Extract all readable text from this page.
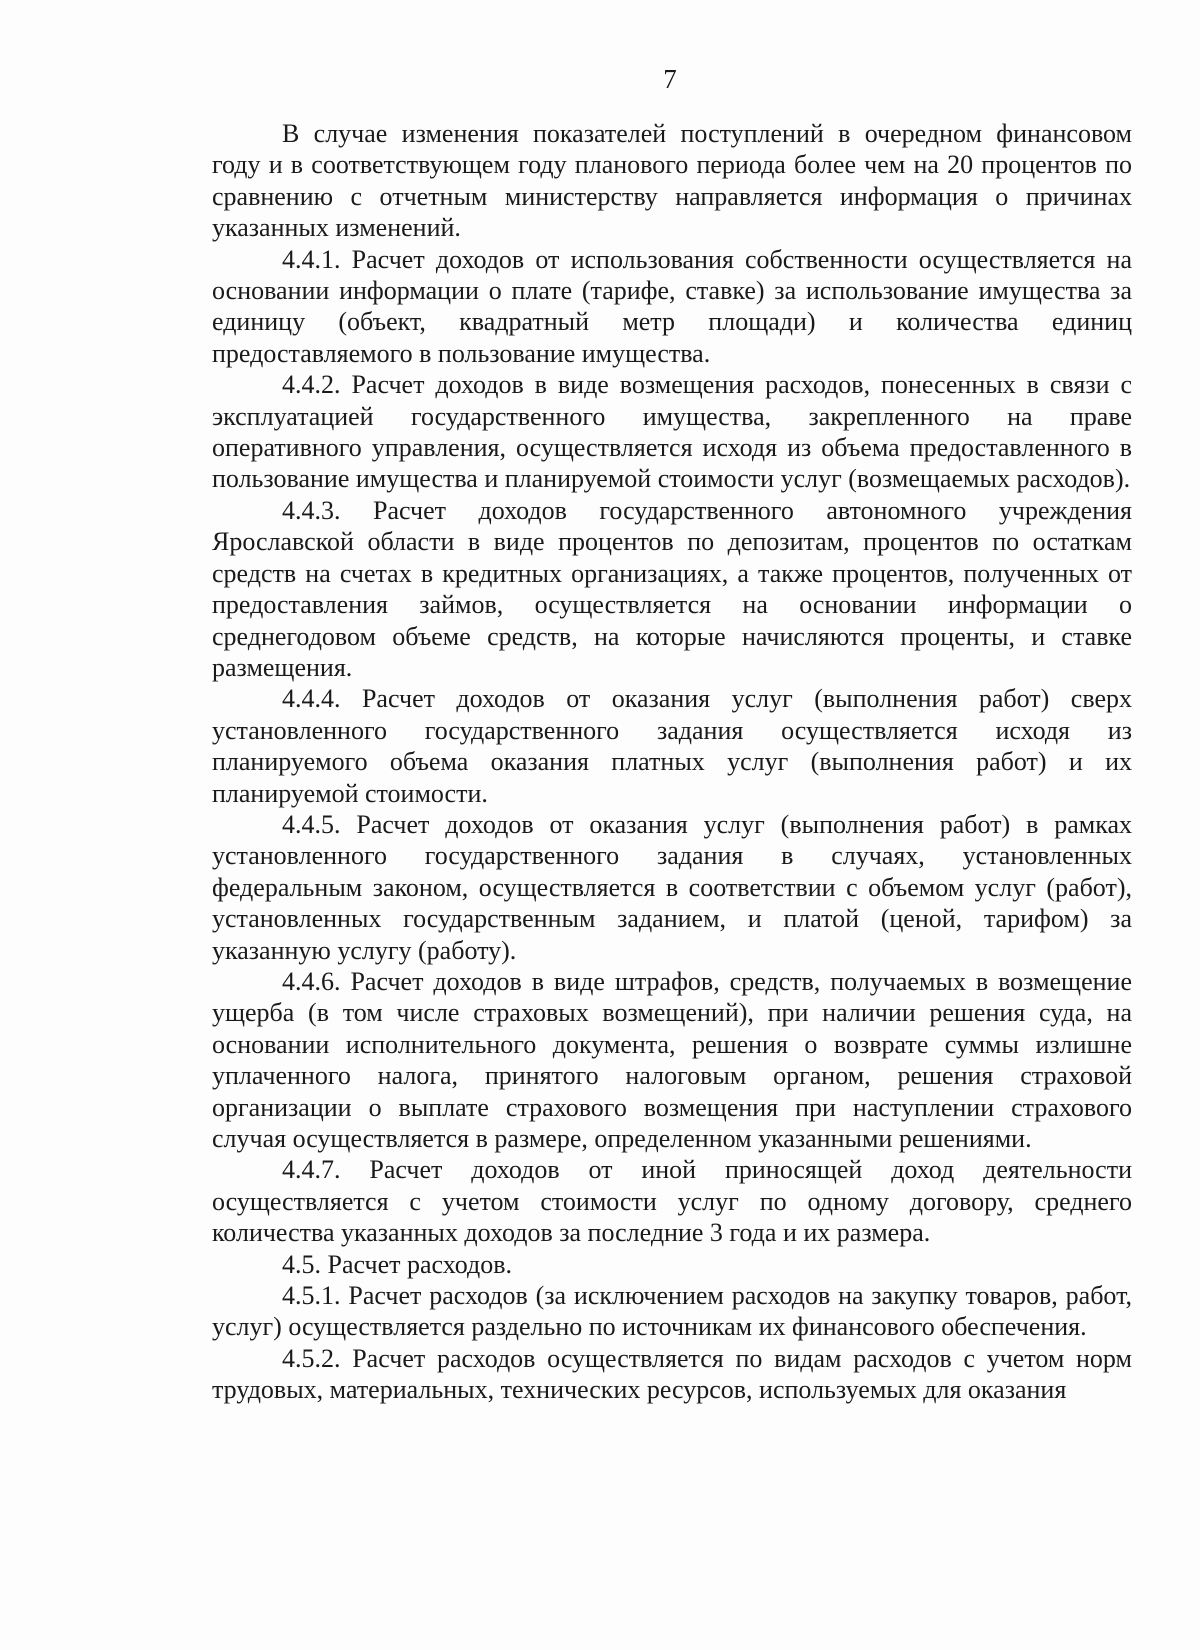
7

В случае изменения показателей поступлений в очередном финансовом году и в соответствующем году планового периода более чем на 20 процентов по сравнению с отчетным министерству направляется информация о причинах указанных изменений.

4.4.1. Расчет доходов от использования собственности осуществляется на основании информации о плате (тарифе, ставке) за использование имущества за единицу (объект, квадратный метр площади) и количества единиц предоставляемого в пользование имущества.

4.4.2. Расчет доходов в виде возмещения расходов, понесенных в связи с эксплуатацией государственного имущества, закрепленного на праве оперативного управления, осуществляется исходя из объема предоставленного в пользование имущества и планируемой стоимости услуг (возмещаемых расходов).

4.4.3. Расчет доходов государственного автономного учреждения Ярославской области в виде процентов по депозитам, процентов по остаткам средств на счетах в кредитных организациях, а также процентов, полученных от предоставления займов, осуществляется на основании информации о среднегодовом объеме средств, на которые начисляются проценты, и ставке размещения.

4.4.4. Расчет доходов от оказания услуг (выполнения работ) сверх установленного государственного задания осуществляется исходя из планируемого объема оказания платных услуг (выполнения работ) и их планируемой стоимости.

4.4.5. Расчет доходов от оказания услуг (выполнения работ) в рамках установленного государственного задания в случаях, установленных федеральным законом, осуществляется в соответствии с объемом услуг (работ), установленных государственным заданием, и платой (ценой, тарифом) за указанную услугу (работу).

4.4.6. Расчет доходов в виде штрафов, средств, получаемых в возмещение ущерба (в том числе страховых возмещений), при наличии решения суда, на основании исполнительного документа, решения о возврате суммы излишне уплаченного налога, принятого налоговым органом, решения страховой организации о выплате страхового возмещения при наступлении страхового случая осуществляется в размере, определенном указанными решениями.

4.4.7. Расчет доходов от иной приносящей доход деятельности осуществляется с учетом стоимости услуг по одному договору, среднего количества указанных доходов за последние 3 года и их размера.

4.5. Расчет расходов.

4.5.1. Расчет расходов (за исключением расходов на закупку товаров, работ, услуг) осуществляется раздельно по источникам их финансового обеспечения.

4.5.2. Расчет расходов осуществляется по видам расходов с учетом норм трудовых, материальных, технических ресурсов, используемых для оказания
